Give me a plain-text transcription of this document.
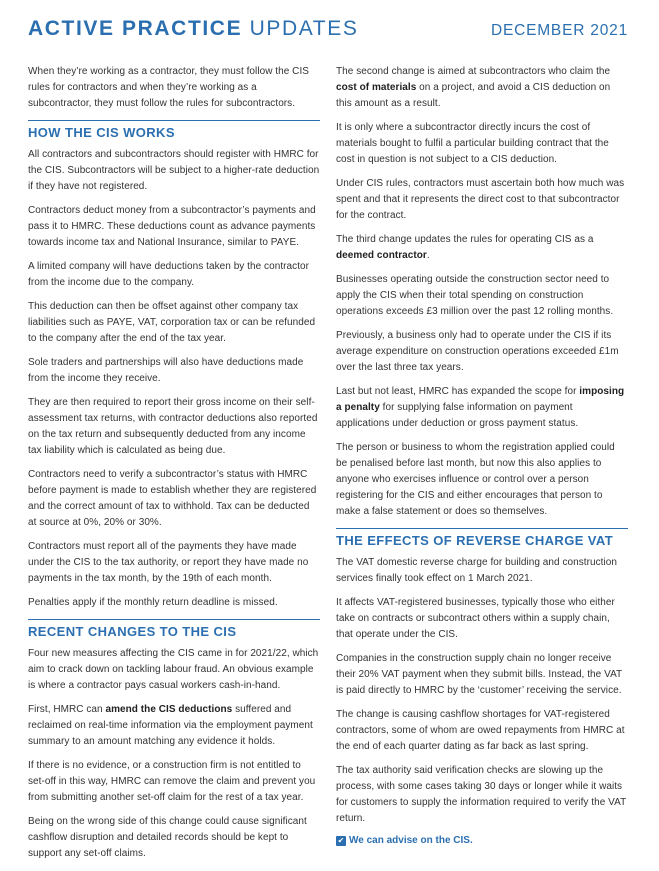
ACTIVE PRACTICE UPDATES	DECEMBER 2021

When they’re working as a contractor, they must follow the CIS rules for contractors and when they’re working as a subcontractor, they must follow the rules for subcontractors.

HOW THE CIS WORKS

All contractors and subcontractors should register with HMRC for the CIS. Subcontractors will be subject to a higher-rate deduction if they have not registered.

Contractors deduct money from a subcontractor’s payments and pass it to HMRC. These deductions count as advance payments towards income tax and National Insurance, similar to PAYE.

A limited company will have deductions taken by the contractor from the income due to the company.

This deduction can then be offset against other company tax liabilities such as PAYE, VAT, corporation tax or can be refunded to the company after the end of the tax year.

Sole traders and partnerships will also have deductions made from the income they receive.

They are then required to report their gross income on their self-assessment tax returns, with contractor deductions also reported on the tax return and subsequently deducted from any income tax liability which is calculated as being due.

Contractors need to verify a subcontractor’s status with HMRC before payment is made to establish whether they are registered and the correct amount of tax to withhold. Tax can be deducted at source at 0%, 20% or 30%.

Contractors must report all of the payments they have made under the CIS to the tax authority, or report they have made no payments in the tax month, by the 19th of each month.

Penalties apply if the monthly return deadline is missed.

RECENT CHANGES TO THE CIS

Four new measures affecting the CIS came in for 2021/22, which aim to crack down on tackling labour fraud. An obvious example is where a contractor pays casual workers cash-in-hand.

First, HMRC can amend the CIS deductions suffered and reclaimed on real-time information via the employment payment summary to an amount matching any evidence it holds.

If there is no evidence, or a construction firm is not entitled to set-off in this way, HMRC can remove the claim and prevent you from submitting another set-off claim for the rest of a tax year.

Being on the wrong side of this change could cause significant cashflow disruption and detailed records should be kept to support any set-off claims.

The second change is aimed at subcontractors who claim the cost of materials on a project, and avoid a CIS deduction on this amount as a result.

It is only where a subcontractor directly incurs the cost of materials bought to fulfil a particular building contract that the cost in question is not subject to a CIS deduction.

Under CIS rules, contractors must ascertain both how much was spent and that it represents the direct cost to that subcontractor for the contract.

The third change updates the rules for operating CIS as a deemed contractor.

Businesses operating outside the construction sector need to apply the CIS when their total spending on construction operations exceeds £3 million over the past 12 rolling months.

Previously, a business only had to operate under the CIS if its average expenditure on construction operations exceeded £1m over the last three tax years.

Last but not least, HMRC has expanded the scope for imposing a penalty for supplying false information on payment applications under deduction or gross payment status.

The person or business to whom the registration applied could be penalised before last month, but now this also applies to anyone who exercises influence or control over a person registering for the CIS and either encourages that person to make a false statement or does so themselves.

THE EFFECTS OF REVERSE CHARGE VAT

The VAT domestic reverse charge for building and construction services finally took effect on 1 March 2021.

It affects VAT-registered businesses, typically those who either take on contracts or subcontract others within a supply chain, that operate under the CIS.

Companies in the construction supply chain no longer receive their 20% VAT payment when they submit bills. Instead, the VAT is paid directly to HMRC by the ‘customer’ receiving the service.

The change is causing cashflow shortages for VAT-registered contractors, some of whom are owed repayments from HMRC at the end of each quarter dating as far back as last spring.

The tax authority said verification checks are slowing up the process, with some cases taking 30 days or longer while it waits for customers to supply the information required to verify the VAT return.

✔ We can advise on the CIS.
